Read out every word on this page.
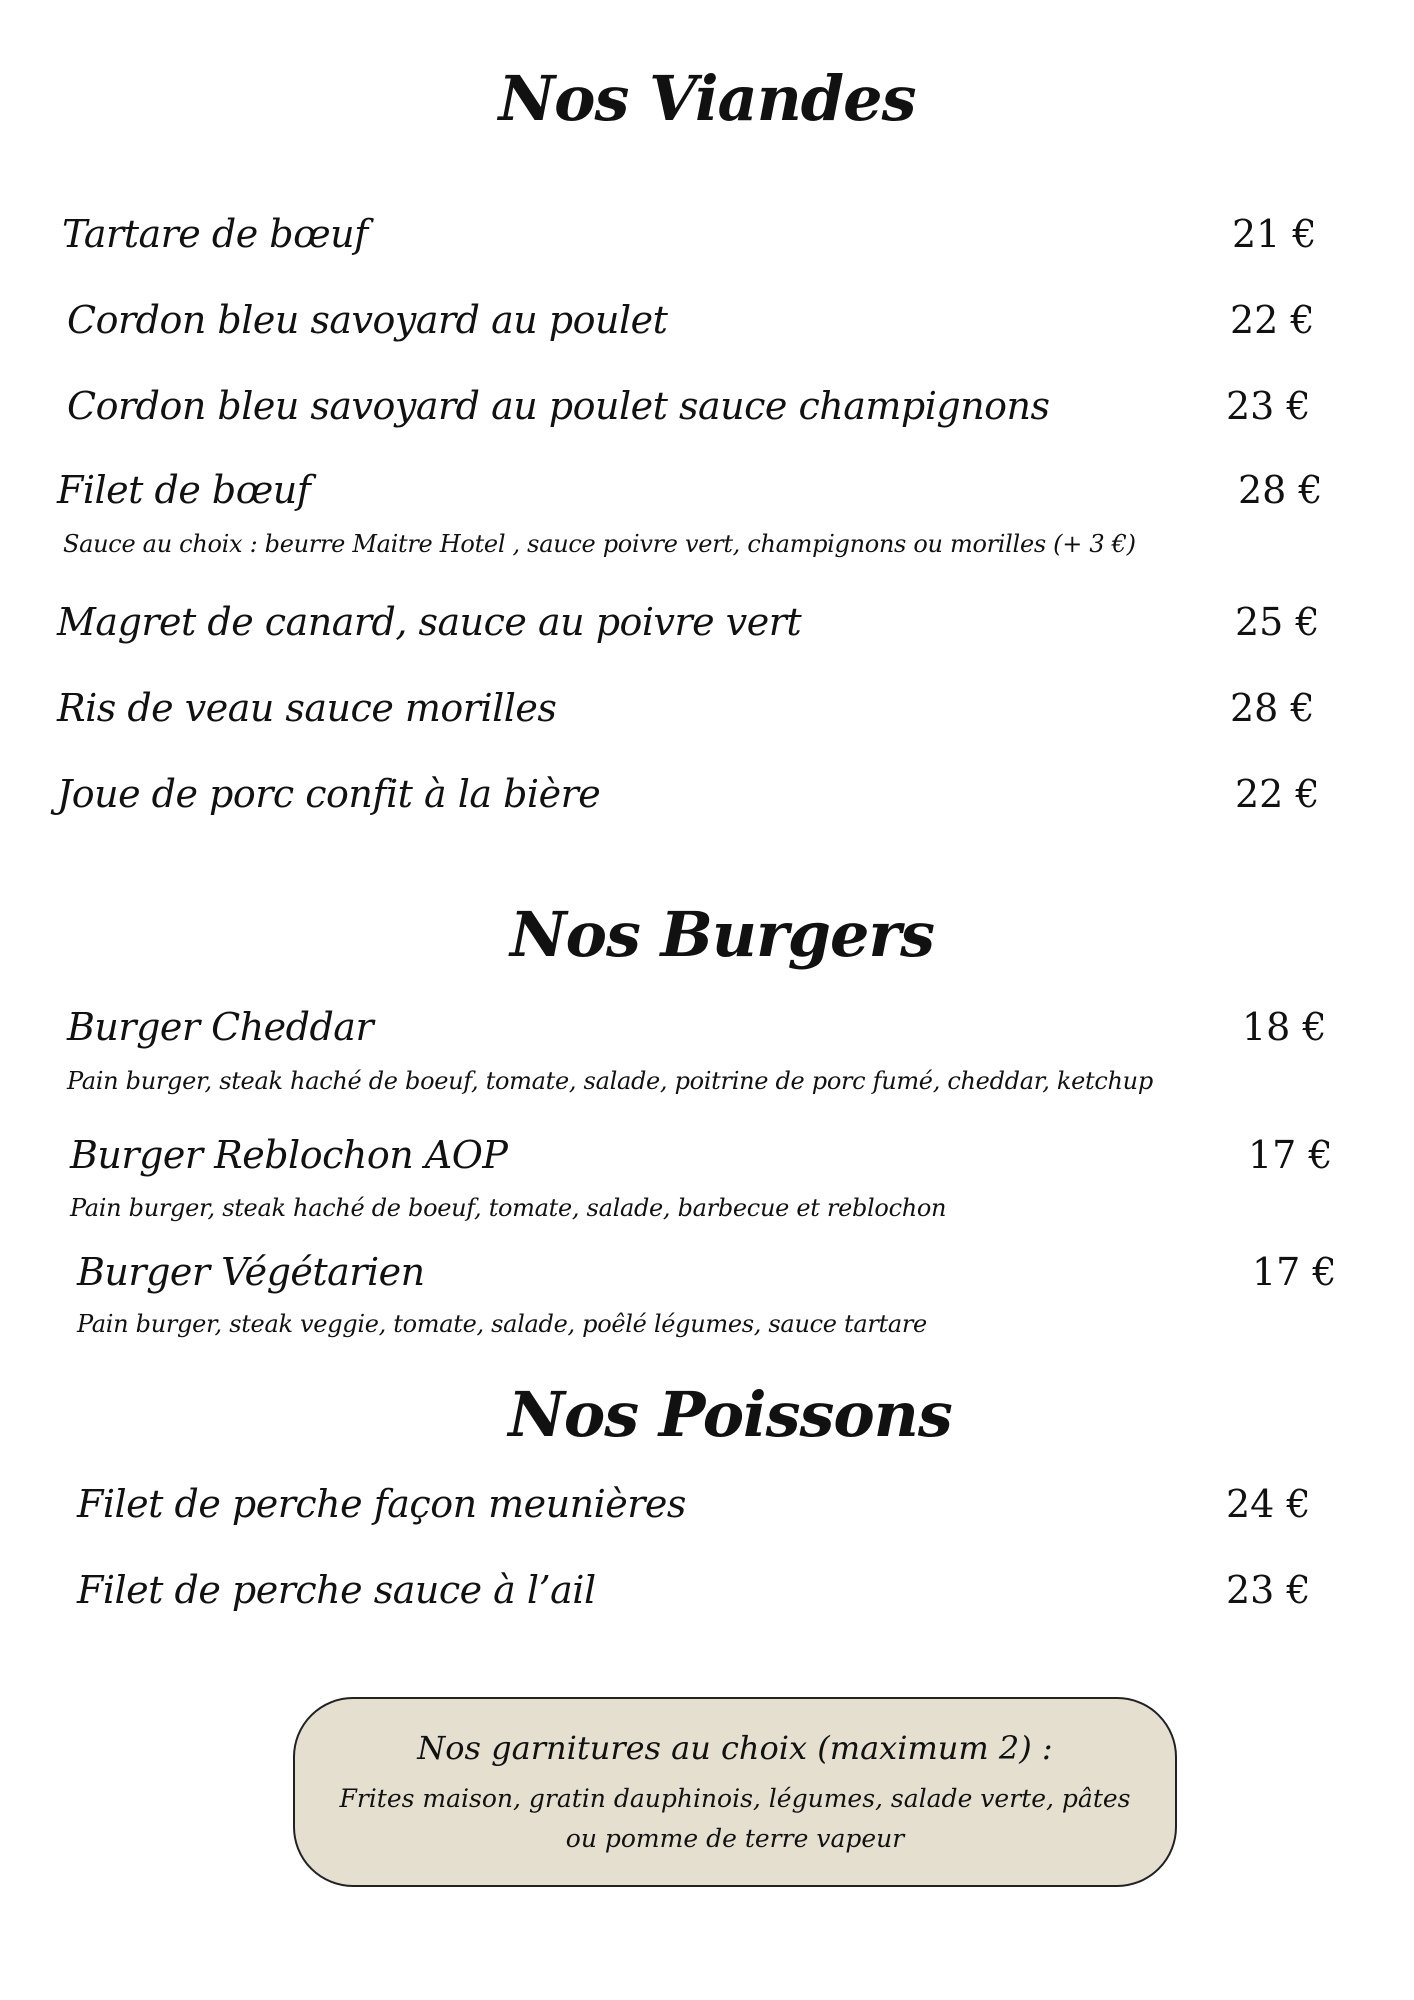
Nos Viandes
Tartare de bœuf	21 €
Cordon bleu savoyard au poulet	22 €
Cordon bleu savoyard au poulet sauce champignons	23 €
Filet de bœuf	28 €
Sauce au choix : beurre Maitre Hotel , sauce poivre vert, champignons ou morilles (+ 3 €)
Magret de canard, sauce au poivre vert	25 €
Ris de veau sauce morilles	28 €
Joue de porc confit à la bière	22 €
Nos Burgers
Burger Cheddar	18 €
Pain burger, steak haché de boeuf, tomate, salade, poitrine de porc fumé, cheddar, ketchup
Burger Reblochon AOP	17 €
Pain burger, steak haché de boeuf, tomate, salade, barbecue et reblochon
Burger Végétarien	17 €
Pain burger, steak veggie, tomate, salade, poêlé légumes, sauce tartare
Nos Poissons
Filet de perche façon meunières	24 €
Filet de perche sauce à l’ail	23 €
Nos garnitures au choix (maximum 2) :
Frites maison, gratin dauphinois, légumes, salade verte, pâtes
ou pomme de terre vapeur
